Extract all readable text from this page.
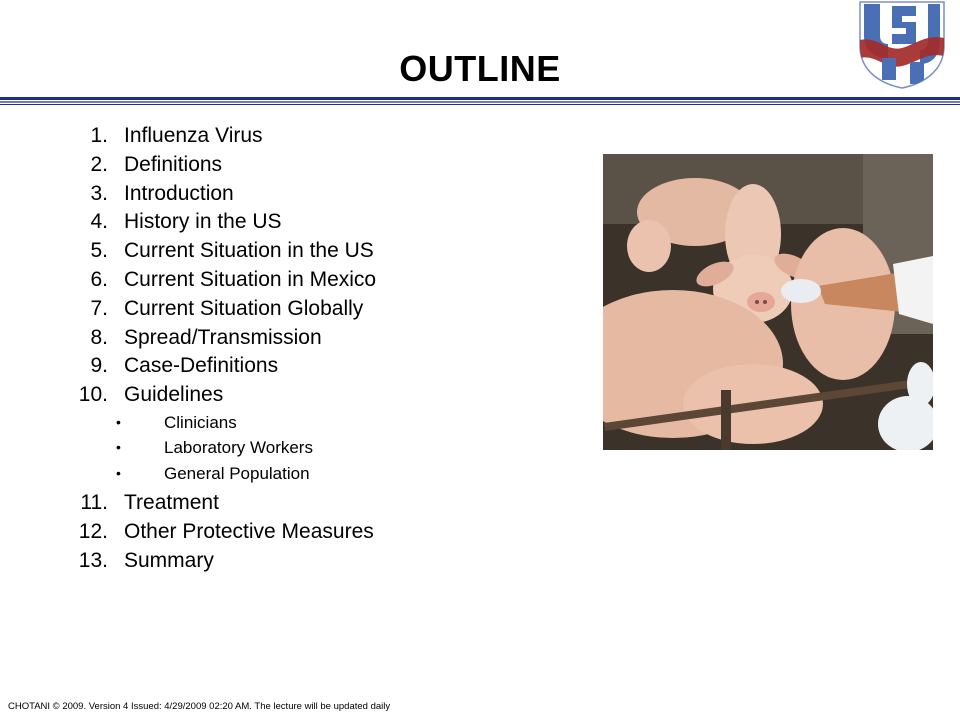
OUTLINE
1. Influenza Virus
2. Definitions
3. Introduction
4. History in the US
5. Current Situation in the US
6. Current Situation in Mexico
7. Current Situation Globally
8. Spread/Transmission
9. Case-Definitions
10. Guidelines
•	Clinicians
•	Laboratory Workers
•	General Population
11. Treatment
12. Other Protective Measures
13. Summary
CHOTANI © 2009. Version 4 Issued: 4/29/2009 02:20 AM. The lecture will be updated daily
